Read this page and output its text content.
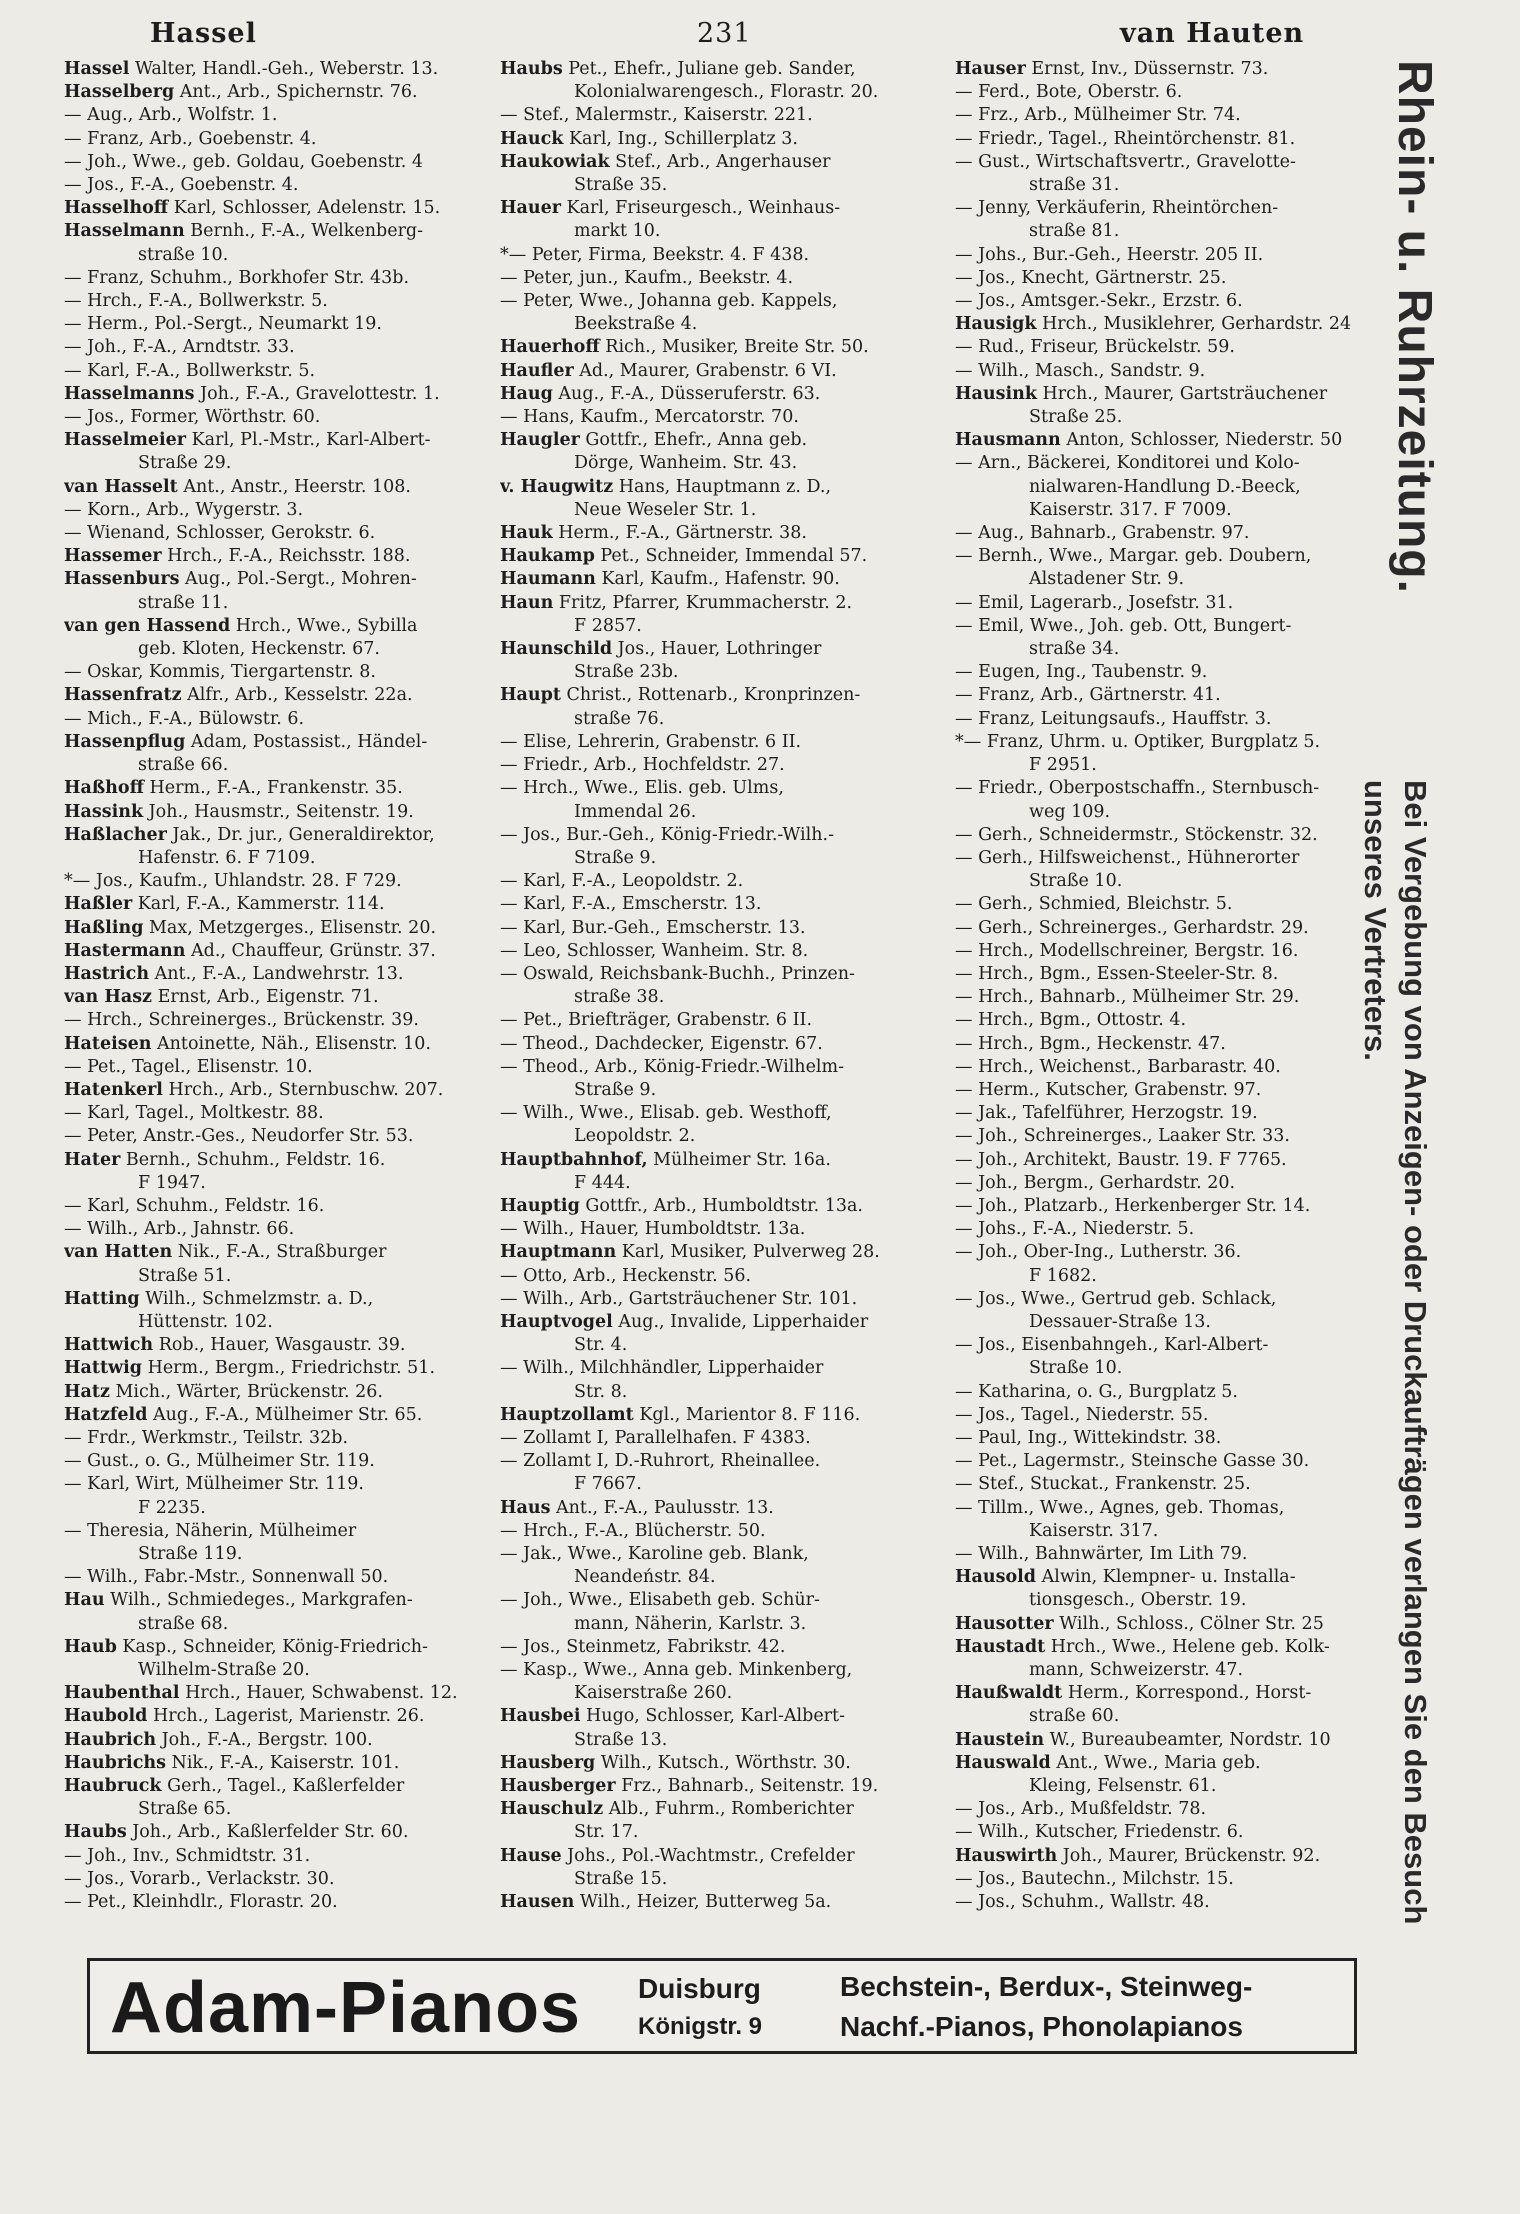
Hassel	231	van Hauten
Hassel Walter, Handl.-Geh., Weberstr. 13.
Hasselberg Ant., Arb., Spichernstr. 76.
— Aug., Arb., Wolfstr. 1.
— Franz, Arb., Goebenstr. 4.
— Joh., Wwe., geb. Goldau, Goebenstr. 4
— Jos., F.-A., Goebenstr. 4.
Hasselhoff Karl, Schlosser, Adelenstr. 15.
Hasselmann Bernh., F.-A., Welkenberg-
straße 10.
— Franz, Schuhm., Borkhofer Str. 43b.
— Hrch., F.-A., Bollwerkstr. 5.
— Herm., Pol.-Sergt., Neumarkt 19.
— Joh., F.-A., Arndtstr. 33.
— Karl, F.-A., Bollwerkstr. 5.
Hasselmanns Joh., F.-A., Gravelottestr. 1.
— Jos., Former, Wörthstr. 60.
Hasselmeier Karl, Pl.-Mstr., Karl-Albert-
Straße 29.
van Hasselt Ant., Anstr., Heerstr. 108.
— Korn., Arb., Wygerstr. 3.
— Wienand, Schlosser, Gerokstr. 6.
Hassemer Hrch., F.-A., Reichsstr. 188.
Hassenburs Aug., Pol.-Sergt., Mohren-
straße 11.
van gen Hassend Hrch., Wwe., Sybilla
geb. Kloten, Heckenstr. 67.
— Oskar, Kommis, Tiergartenstr. 8.
Hassenfratz Alfr., Arb., Kesselstr. 22a.
— Mich., F.-A., Bülowstr. 6.
Hassenpflug Adam, Postassist., Händel-
straße 66.
Haßhoff Herm., F.-A., Frankenstr. 35.
Hassink Joh., Hausmstr., Seitenstr. 19.
Haßlacher Jak., Dr. jur., Generaldirektor,
Hafenstr. 6. F 7109.
*— Jos., Kaufm., Uhlandstr. 28. F 729.
Haßler Karl, F.-A., Kammerstr. 114.
Haßling Max, Metzgerges., Elisenstr. 20.
Hastermann Ad., Chauffeur, Grünstr. 37.
Hastrich Ant., F.-A., Landwehrstr. 13.
van Hasz Ernst, Arb., Eigenstr. 71.
— Hrch., Schreinerges., Brückenstr. 39.
Hateisen Antoinette, Näh., Elisenstr. 10.
— Pet., Tagel., Elisenstr. 10.
Hatenkerl Hrch., Arb., Sternbuschw. 207.
— Karl, Tagel., Moltkestr. 88.
— Peter, Anstr.-Ges., Neudorfer Str. 53.
Hater Bernh., Schuhm., Feldstr. 16.
F 1947.
— Karl, Schuhm., Feldstr. 16.
— Wilh., Arb., Jahnstr. 66.
van Hatten Nik., F.-A., Straßburger
Straße 51.
Hatting Wilh., Schmelzmstr. a. D.,
Hüttenstr. 102.
Hattwich Rob., Hauer, Wasgaustr. 39.
Hattwig Herm., Bergm., Friedrichstr. 51.
Hatz Mich., Wärter, Brückenstr. 26.
Hatzfeld Aug., F.-A., Mülheimer Str. 65.
— Frdr., Werkmstr., Teilstr. 32b.
— Gust., o. G., Mülheimer Str. 119.
— Karl, Wirt, Mülheimer Str. 119.
F 2235.
— Theresia, Näherin, Mülheimer
Straße 119.
— Wilh., Fabr.-Mstr., Sonnenwall 50.
Hau Wilh., Schmiedeges., Markgrafen-
straße 68.
Haub Kasp., Schneider, König-Friedrich-
Wilhelm-Straße 20.
Haubenthal Hrch., Hauer, Schwabenst. 12.
Haubold Hrch., Lagerist, Marienstr. 26.
Haubrich Joh., F.-A., Bergstr. 100.
Haubrichs Nik., F.-A., Kaiserstr. 101.
Haubruck Gerh., Tagel., Kaßlerfelder
Straße 65.
Haubs Joh., Arb., Kaßlerfelder Str. 60.
— Joh., Inv., Schmidtstr. 31.
— Jos., Vorarb., Verlackstr. 30.
— Pet., Kleinhdlr., Florastr. 20.
Haubs Pet., Ehefr., Juliane geb. Sander,
Kolonialwarengesch., Florastr. 20.
— Stef., Malermstr., Kaiserstr. 221.
Hauck Karl, Ing., Schillerplatz 3.
Haukowiak Stef., Arb., Angerhauser
Straße 35.
Hauer Karl, Friseurgesch., Weinhaus-
markt 10.
*— Peter, Firma, Beekstr. 4. F 438.
— Peter, jun., Kaufm., Beekstr. 4.
— Peter, Wwe., Johanna geb. Kappels,
Beekstraße 4.
Hauerhoff Rich., Musiker, Breite Str. 50.
Haufler Ad., Maurer, Grabenstr. 6 VI.
Haug Aug., F.-A., Düsseruferstr. 63.
— Hans, Kaufm., Mercatorstr. 70.
Haugler Gottfr., Ehefr., Anna geb.
Dörge, Wanheim. Str. 43.
v. Haugwitz Hans, Hauptmann z. D.,
Neue Weseler Str. 1.
Hauk Herm., F.-A., Gärtnerstr. 38.
Haukamp Pet., Schneider, Immendal 57.
Haumann Karl, Kaufm., Hafenstr. 90.
Haun Fritz, Pfarrer, Krummacherstr. 2.
F 2857.
Haunschild Jos., Hauer, Lothringer
Straße 23b.
Haupt Christ., Rottenarb., Kronprinzen-
straße 76.
— Elise, Lehrerin, Grabenstr. 6 II.
— Friedr., Arb., Hochfeldstr. 27.
— Hrch., Wwe., Elis. geb. Ulms,
Immendal 26.
— Jos., Bur.-Geh., König-Friedr.-Wilh.-
Straße 9.
— Karl, F.-A., Leopoldstr. 2.
— Karl, F.-A., Emscherstr. 13.
— Karl, Bur.-Geh., Emscherstr. 13.
— Leo, Schlosser, Wanheim. Str. 8.
— Oswald, Reichsbank-Buchh., Prinzen-
straße 38.
— Pet., Briefträger, Grabenstr. 6 II.
— Theod., Dachdecker, Eigenstr. 67.
— Theod., Arb., König-Friedr.-Wilhelm-
Straße 9.
— Wilh., Wwe., Elisab. geb. Westhoff,
Leopoldstr. 2.
Hauptbahnhof, Mülheimer Str. 16a.
F 444.
Hauptig Gottfr., Arb., Humboldtstr. 13a.
— Wilh., Hauer, Humboldtstr. 13a.
Hauptmann Karl, Musiker, Pulverweg 28.
— Otto, Arb., Heckenstr. 56.
— Wilh., Arb., Gartsträuchener Str. 101.
Hauptvogel Aug., Invalide, Lipperhaider
Str. 4.
— Wilh., Milchhändler, Lipperhaider
Str. 8.
Hauptzollamt Kgl., Marientor 8. F 116.
— Zollamt I, Parallelhafen. F 4383.
— Zollamt I, D.-Ruhrort, Rheinallee.
F 7667.
Haus Ant., F.-A., Paulusstr. 13.
— Hrch., F.-A., Blücherstr. 50.
— Jak., Wwe., Karoline geb. Blank,
Neandeństr. 84.
— Joh., Wwe., Elisabeth geb. Schür-
mann, Näherin, Karlstr. 3.
— Jos., Steinmetz, Fabrikstr. 42.
— Kasp., Wwe., Anna geb. Minkenberg,
Kaiserstraße 260.
Hausbei Hugo, Schlosser, Karl-Albert-
Straße 13.
Hausberg Wilh., Kutsch., Wörthstr. 30.
Hausberger Frz., Bahnarb., Seitenstr. 19.
Hauschulz Alb., Fuhrm., Romberichter
Str. 17.
Hause Johs., Pol.-Wachtmstr., Crefelder
Straße 15.
Hausen Wilh., Heizer, Butterweg 5a.
Hauser Ernst, Inv., Düssernstr. 73.
— Ferd., Bote, Oberstr. 6.
— Frz., Arb., Mülheimer Str. 74.
— Friedr., Tagel., Rheintörchenstr. 81.
— Gust., Wirtschaftsvertr., Gravelotte-
straße 31.
— Jenny, Verkäuferin, Rheintörchen-
straße 81.
— Johs., Bur.-Geh., Heerstr. 205 II.
— Jos., Knecht, Gärtnerstr. 25.
— Jos., Amtsger.-Sekr., Erzstr. 6.
Hausigk Hrch., Musiklehrer, Gerhardstr. 24
— Rud., Friseur, Brückelstr. 59.
— Wilh., Masch., Sandstr. 9.
Hausink Hrch., Maurer, Gartsträuchener
Straße 25.
Hausmann Anton, Schlosser, Niederstr. 50
— Arn., Bäckerei, Konditorei und Kolo-
nialwaren-Handlung D.-Beeck,
Kaiserstr. 317. F 7009.
— Aug., Bahnarb., Grabenstr. 97.
— Bernh., Wwe., Margar. geb. Doubern,
Alstadener Str. 9.
— Emil, Lagerarb., Josefstr. 31.
— Emil, Wwe., Joh. geb. Ott, Bungert-
straße 34.
— Eugen, Ing., Taubenstr. 9.
— Franz, Arb., Gärtnerstr. 41.
— Franz, Leitungsaufs., Hauffstr. 3.
*— Franz, Uhrm. u. Optiker, Burgplatz 5.
F 2951.
— Friedr., Oberpostschaffn., Sternbusch-
weg 109.
— Gerh., Schneidermstr., Stöckenstr. 32.
— Gerh., Hilfsweichenst., Hühnerorter
Straße 10.
— Gerh., Schmied, Bleichstr. 5.
— Gerh., Schreinerges., Gerhardstr. 29.
— Hrch., Modellschreiner, Bergstr. 16.
— Hrch., Bgm., Essen-Steeler-Str. 8.
— Hrch., Bahnarb., Mülheimer Str. 29.
— Hrch., Bgm., Ottostr. 4.
— Hrch., Bgm., Heckenstr. 47.
— Hrch., Weichenst., Barbarastr. 40.
— Herm., Kutscher, Grabenstr. 97.
— Jak., Tafelführer, Herzogstr. 19.
— Joh., Schreinerges., Laaker Str. 33.
— Joh., Architekt, Baustr. 19. F 7765.
— Joh., Bergm., Gerhardstr. 20.
— Joh., Platzarb., Herkenberger Str. 14.
— Johs., F.-A., Niederstr. 5.
— Joh., Ober-Ing., Lutherstr. 36.
F 1682.
— Jos., Wwe., Gertrud geb. Schlack,
Dessauer-Straße 13.
— Jos., Eisenbahngeh., Karl-Albert-
Straße 10.
— Katharina, o. G., Burgplatz 5.
— Jos., Tagel., Niederstr. 55.
— Paul, Ing., Wittekindstr. 38.
— Pet., Lagermstr., Steinsche Gasse 30.
— Stef., Stuckat., Frankenstr. 25.
— Tillm., Wwe., Agnes, geb. Thomas,
Kaiserstr. 317.
— Wilh., Bahnwärter, Im Lith 79.
Hausold Alwin, Klempner- u. Installa-
tionsgesch., Oberstr. 19.
Hausotter Wilh., Schloss., Cölner Str. 25
Haustadt Hrch., Wwe., Helene geb. Kolk-
mann, Schweizerstr. 47.
Haußwaldt Herm., Korrespond., Horst-
straße 60.
Haustein W., Bureaubeamter, Nordstr. 10
Hauswald Ant., Wwe., Maria geb.
Kleing, Felsenstr. 61.
— Jos., Arb., Mußfeldstr. 78.
— Wilh., Kutscher, Friedenstr. 6.
Hauswirth Joh., Maurer, Brückenstr. 92.
— Jos., Bautechn., Milchstr. 15.
— Jos., Schuhm., Wallstr. 48.
Rhein- u. Ruhrzeitung.
Bei Vergebung von Anzeigen- oder Druckaufträgen verlangen Sie den Besuch unseres Vertreters.
Adam-Pianos Duisburg
Königstr. 9
Bechstein-, Berdux-, Steinweg-
Nachf.-Pianos, Phonolapianos
